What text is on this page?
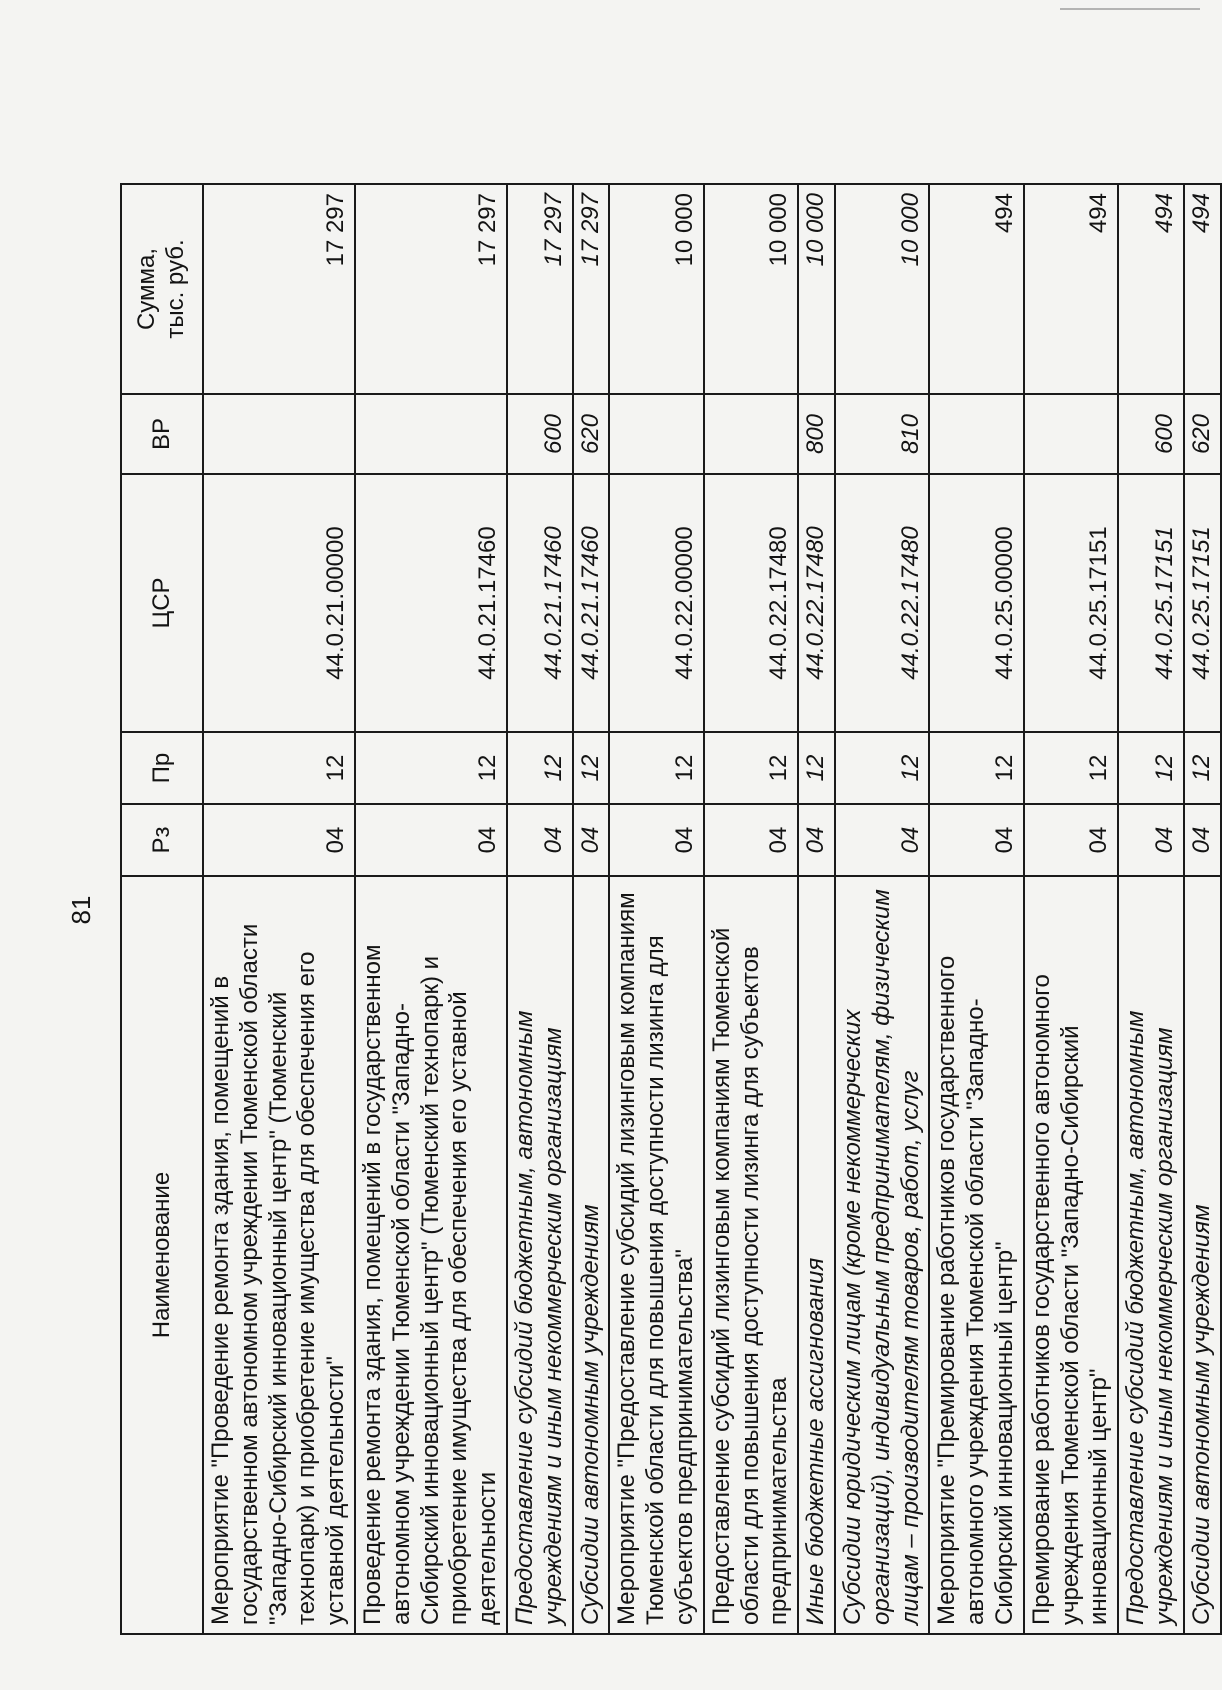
81
Наименование	Рз	Пр	ЦСР	ВР	Сумма,
тыс. руб.
Мероприятие "Проведение ремонта здания, помещений в государственном автономном учреждении Тюменской области "Западно-Сибирский инновационный центр" (Тюменский технопарк) и приобретение имущества для обеспечения его уставной деятельности"	04	12	44.0.21.00000		17 297
Проведение ремонта здания, помещений в государственном автономном учреждении Тюменской области "Западно-Сибирский инновационный центр" (Тюменский технопарк) и приобретение имущества для обеспечения его уставной деятельности	04	12	44.0.21.17460		17 297
Предоставление субсидий бюджетным, автономным учреждениям и иным некоммерческим организациям	04	12	44.0.21.17460	600	17 297
Субсидии автономным учреждениям	04	12	44.0.21.17460	620	17 297
Мероприятие "Предоставление субсидий лизинговым компаниям Тюменской области для повышения доступности лизинга для субъектов предпринимательства"	04	12	44.0.22.00000		10 000
Предоставление субсидий лизинговым компаниям Тюменской области для повышения доступности лизинга для субъектов предпринимательства	04	12	44.0.22.17480		10 000
Иные бюджетные ассигнования	04	12	44.0.22.17480	800	10 000
Субсидии юридическим лицам (кроме некоммерческих организаций), индивидуальным предпринимателям, физическим лицам – производителям товаров, работ, услуг	04	12	44.0.22.17480	810	10 000
Мероприятие "Премирование работников государственного автономного учреждения Тюменской области "Западно-Сибирский инновационный центр"	04	12	44.0.25.00000		494
Премирование работников государственного автономного учреждения Тюменской области "Западно-Сибирский инновационный центр"	04	12	44.0.25.17151		494
Предоставление субсидий бюджетным, автономным учреждениям и иным некоммерческим организациям	04	12	44.0.25.17151	600	494
Субсидии автономным учреждениям	04	12	44.0.25.17151	620	494
